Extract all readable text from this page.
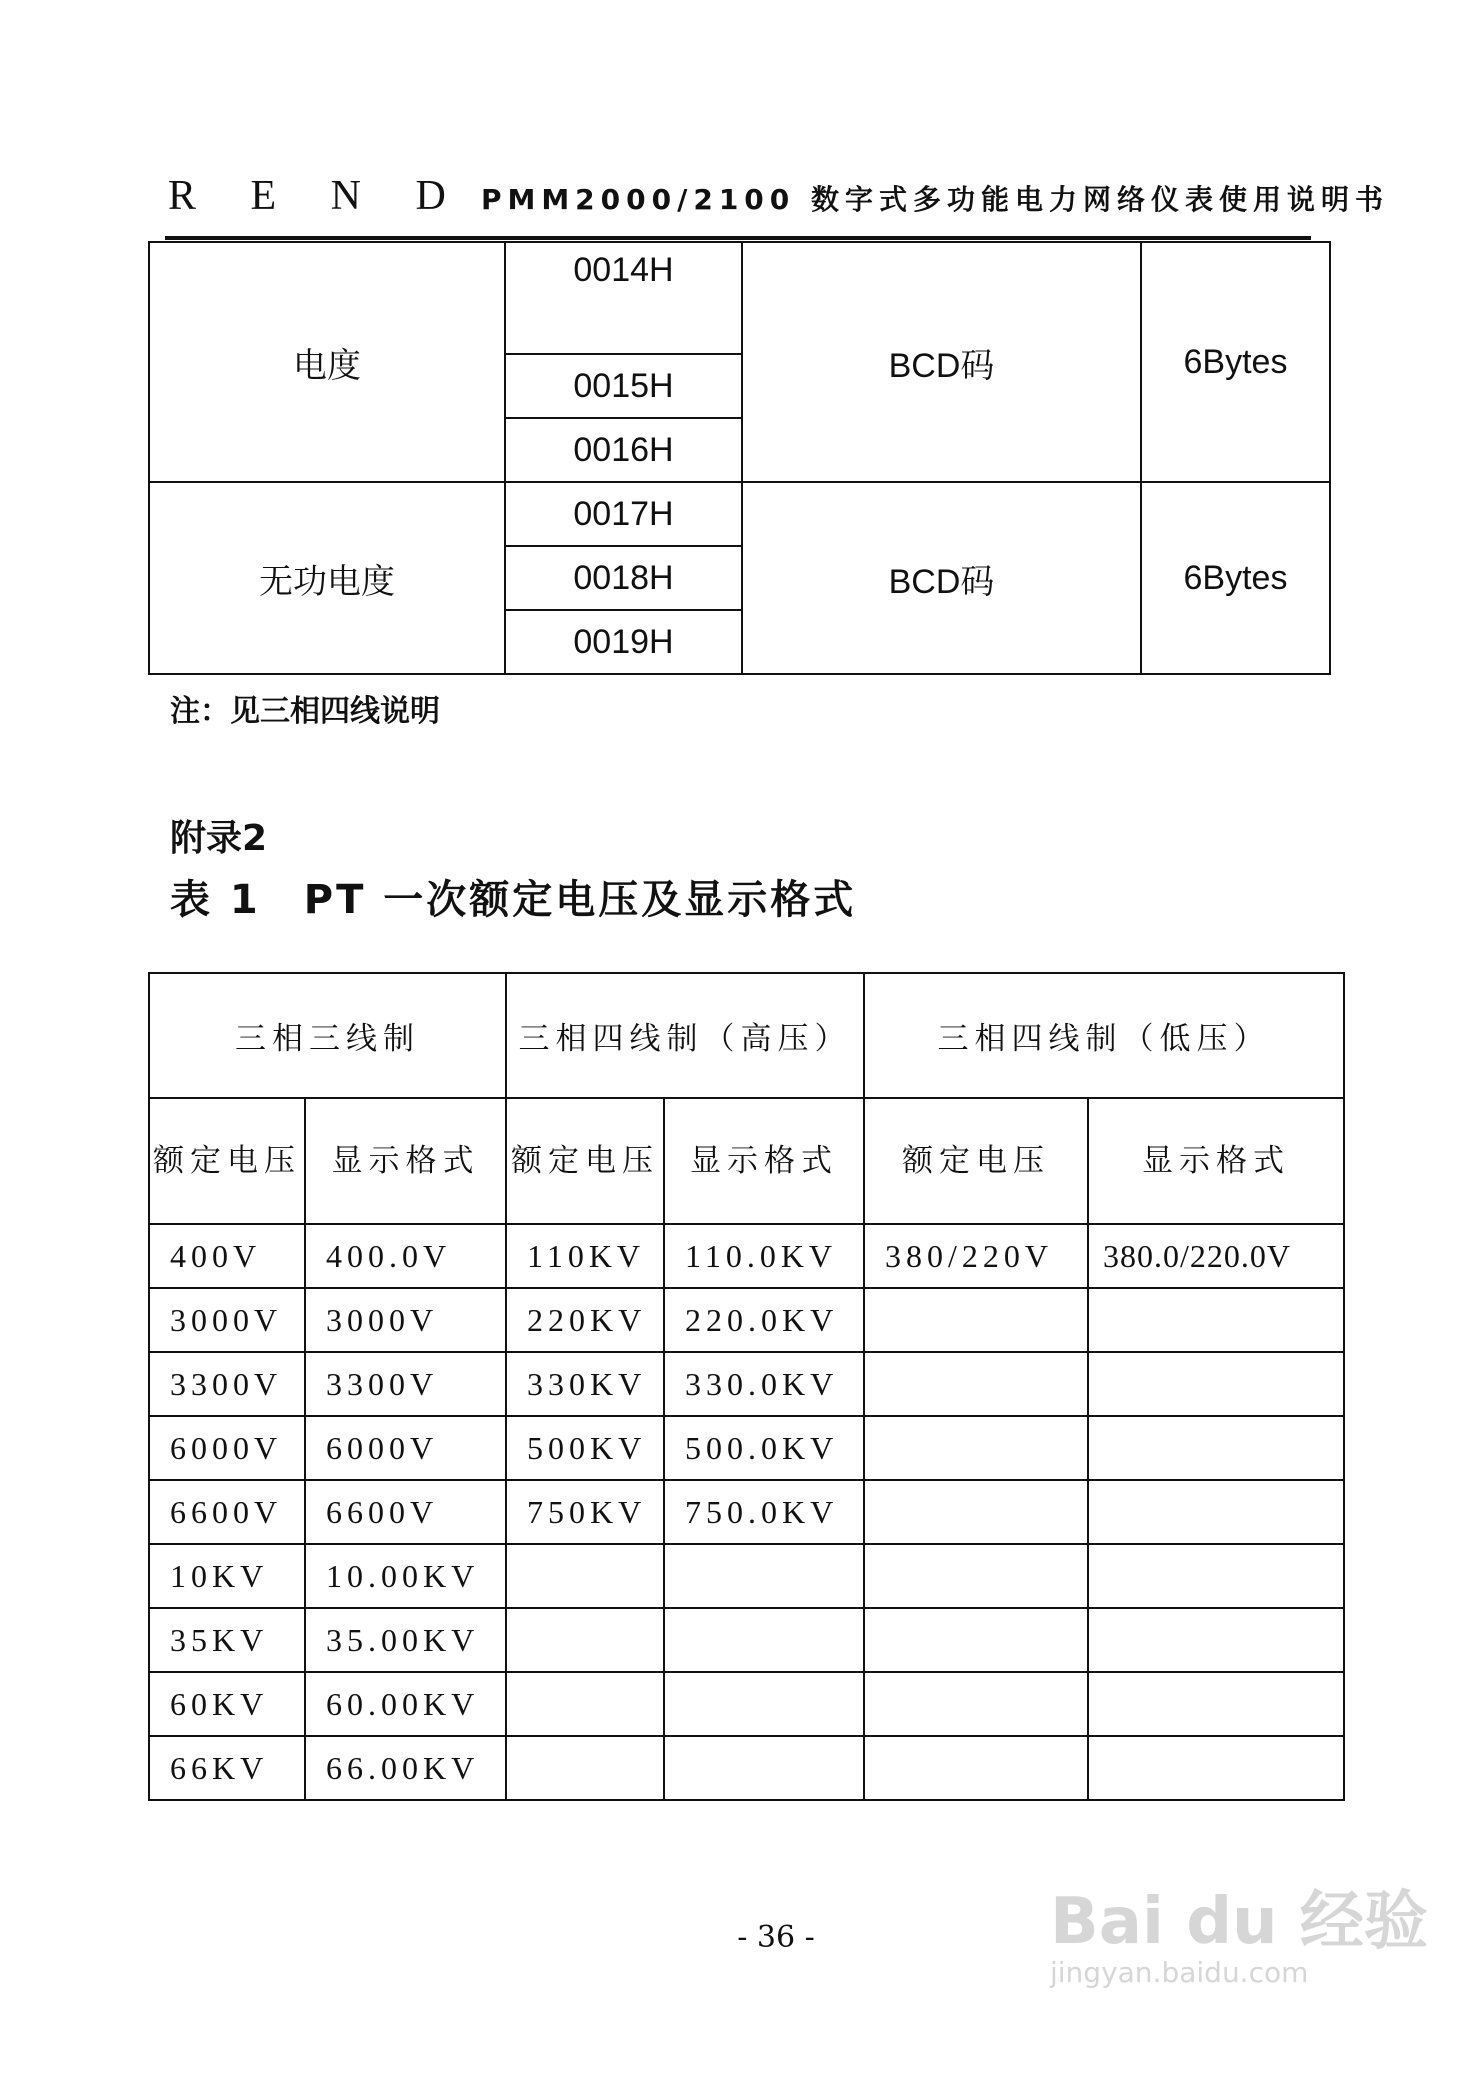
R E N D PMM2000/2100 数字式多功能电力网络仪表使用说明书
电度	0014H	BCD码	6Bytes
	0015H		
	0016H		
无功电度	0017H	BCD码	6Bytes
	0018H		
	0019H		
注：见三相四线说明
附录2
表 1　PT 一次额定电压及显示格式
三相三线制		三相四线制（高压）		三相四线制（低压）	
额定电压	显示格式	额定电压	显示格式	额定电压	显示格式
400V	400.0V	110KV	110.0KV	380/220V	380.0/220.0V
3000V	3000V	220KV	220.0KV		
3300V	3300V	330KV	330.0KV		
6000V	6000V	500KV	500.0KV		
6600V	6600V	750KV	750.0KV		
10KV	10.00KV				
35KV	35.00KV				
60KV	60.00KV				
66KV	66.00KV				
- 36 -	Bai du 经验
jingyan.baidu.com
